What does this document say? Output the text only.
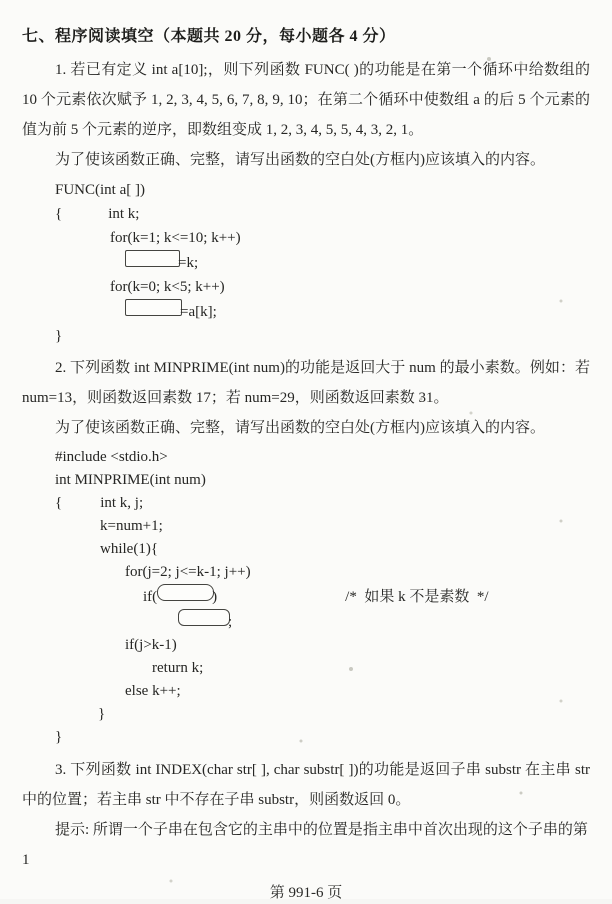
七、程序阅读填空（本题共 20 分，每小题各 4 分）

1. 若已有定义 int a[10];，则下列函数 FUNC( )的功能是在第一个循环中给数组的 10 个元素依次赋予 1, 2, 3, 4, 5, 6, 7, 8, 9, 10；在第二个循环中使数组 a 的后 5 个元素的值为前 5 个元素的逆序，即数组变成 1, 2, 3, 4, 5, 5, 4, 3, 2, 1。

为了使该函数正确、完整，请写出函数的空白处(方框内)应该填入的内容。

FUNC(int a[ ])
{	int k;
for(k=1; k<=10; k++)
=k;
for(k=0; k<5; k++)
=a[k];
}

2. 下列函数 int MINPRIME(int num)的功能是返回大于 num 的最小素数。例如：若 num=13，则函数返回素数 17；若 num=29，则函数返回素数 31。

为了使该函数正确、完整，请写出函数的空白处(方框内)应该填入的内容。

#include <stdio.h>
int MINPRIME(int num)
{	int k, j;
k=num+1;
while(1){
for(j=2; j<=k-1; j++)
if(	)	/*  如果 k 不是素数  */
;
if(j>k-1)
return k;
else k++;
}
}

3. 下列函数 int INDEX(char str[ ], char substr[ ])的功能是返回子串 substr 在主串 str 中的位置；若主串 str 中不存在子串 substr，则函数返回 0。

提示: 所谓一个子串在包含它的主串中的位置是指主串中首次出现的这个子串的第 1

第 991-6 页
